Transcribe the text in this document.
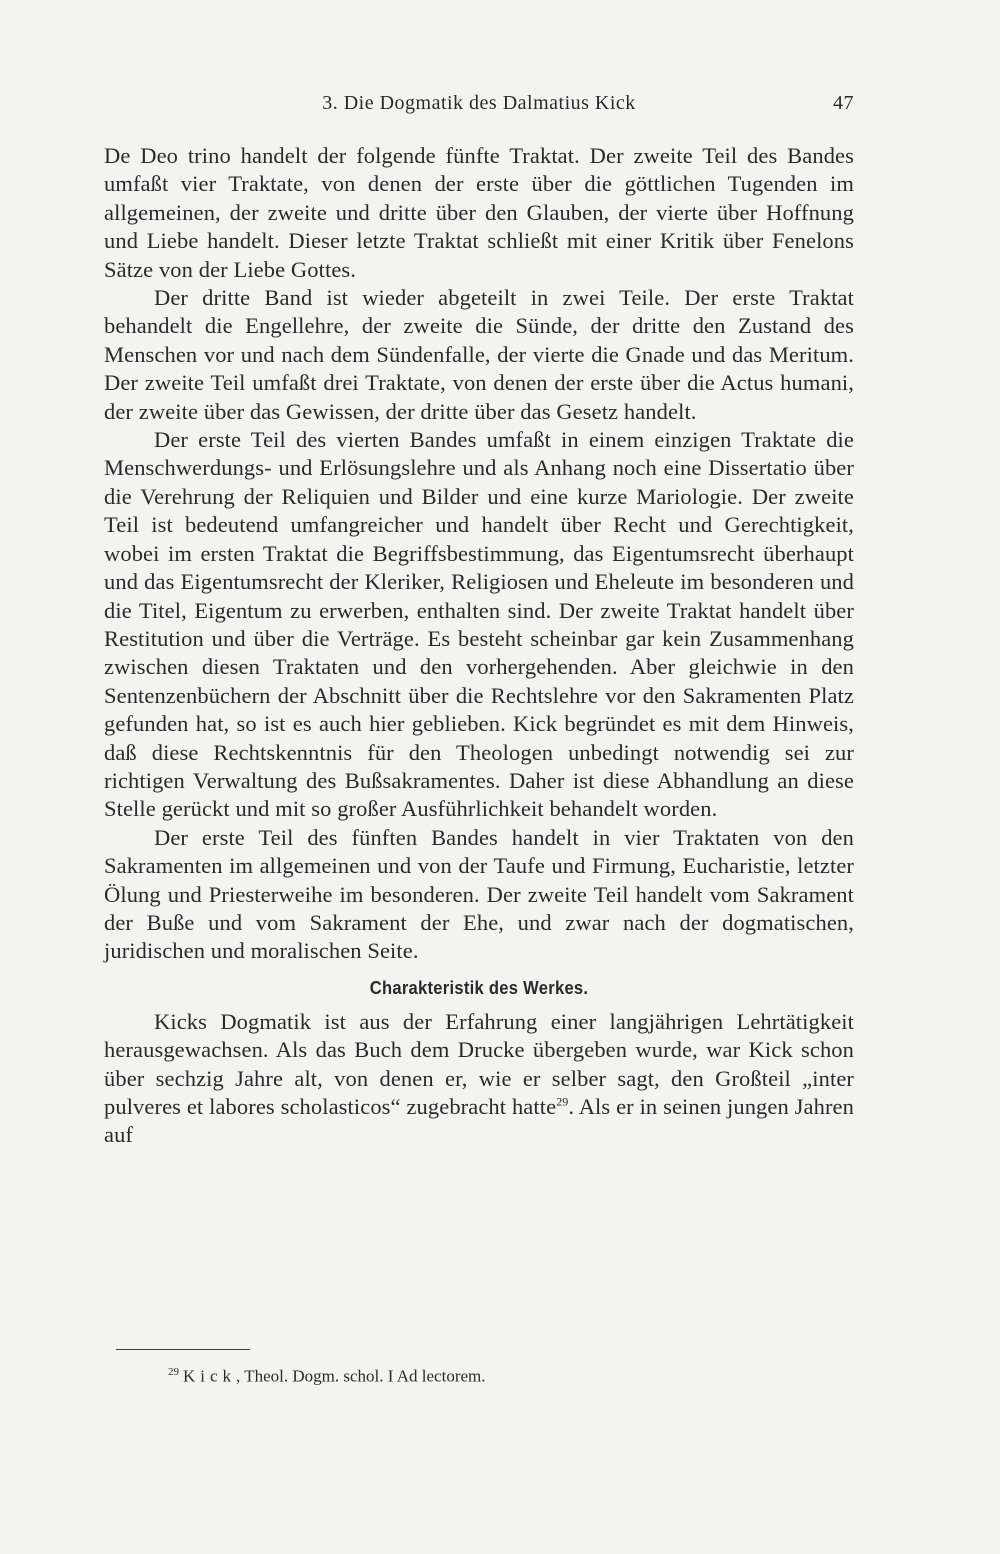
3. Die Dogmatik des Dalmatius Kick	47

De Deo trino handelt der folgende fünfte Traktat. Der zweite Teil des Bandes umfaßt vier Traktate, von denen der erste über die göttlichen Tugenden im allgemeinen, der zweite und dritte über den Glauben, der vierte über Hoffnung und Liebe handelt. Dieser letzte Traktat schließt mit einer Kritik über Fenelons Sätze von der Liebe Gottes.

Der dritte Band ist wieder abgeteilt in zwei Teile. Der erste Traktat behandelt die Engellehre, der zweite die Sünde, der dritte den Zustand des Menschen vor und nach dem Sündenfalle, der vierte die Gnade und das Meritum. Der zweite Teil umfaßt drei Traktate, von denen der erste über die Actus humani, der zweite über das Gewissen, der dritte über das Gesetz handelt.

Der erste Teil des vierten Bandes umfaßt in einem einzigen Traktate die Menschwerdungs- und Erlösungslehre und als Anhang noch eine Dissertatio über die Verehrung der Reliquien und Bilder und eine kurze Mariologie. Der zweite Teil ist bedeutend umfangreicher und handelt über Recht und Gerechtigkeit, wobei im ersten Traktat die Begriffsbestimmung, das Eigentumsrecht überhaupt und das Eigentumsrecht der Kleriker, Religiosen und Eheleute im besonderen und die Titel, Eigentum zu erwerben, enthalten sind. Der zweite Traktat handelt über Restitution und über die Verträge. Es besteht scheinbar gar kein Zusammenhang zwischen diesen Traktaten und den vorhergehenden. Aber gleichwie in den Sentenzenbüchern der Abschnitt über die Rechtslehre vor den Sakramenten Platz gefunden hat, so ist es auch hier geblieben. Kick begründet es mit dem Hinweis, daß diese Rechtskenntnis für den Theologen unbedingt notwendig sei zur richtigen Verwaltung des Bußsakramentes. Daher ist diese Abhandlung an diese Stelle gerückt und mit so großer Ausführlichkeit behandelt worden.

Der erste Teil des fünften Bandes handelt in vier Traktaten von den Sakramenten im allgemeinen und von der Taufe und Firmung, Eucharistie, letzter Ölung und Priesterweihe im besonderen. Der zweite Teil handelt vom Sakrament der Buße und vom Sakrament der Ehe, und zwar nach der dogmatischen, juridischen und moralischen Seite.

Charakteristik des Werkes.

Kicks Dogmatik ist aus der Erfahrung einer langjährigen Lehrtätigkeit herausgewachsen. Als das Buch dem Drucke übergeben wurde, war Kick schon über sechzig Jahre alt, von denen er, wie er selber sagt, den Großteil „inter pulveres et labores scholasticos“ zugebracht hatte$^{29}$. Als er in seinen jungen Jahren auf

$^{29}$ Kick, Theol. Dogm. schol. I Ad lectorem.
